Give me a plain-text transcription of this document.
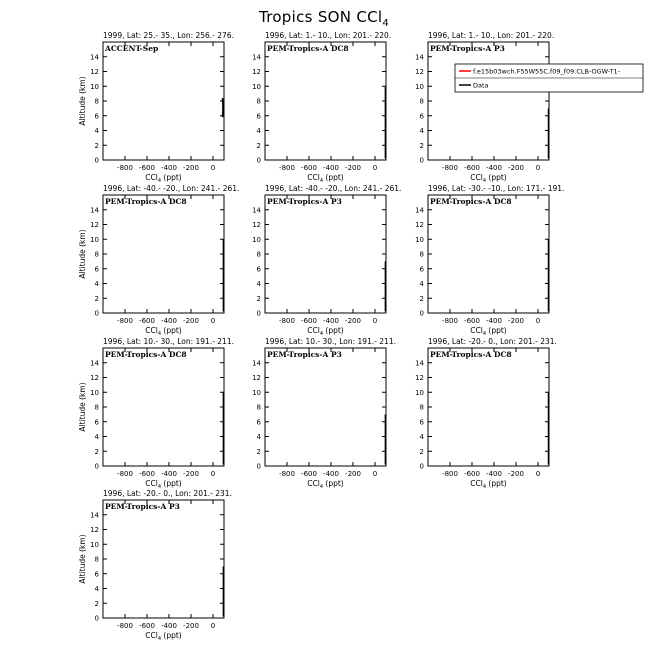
Tropics SON CCl$_4$
1999, Lat: 25.- 35., Lon: 256.- 276.
ACCENT-Sep
-800 -600 -400 -200 0
0
2
4
6
8
10
12
14
CCl$_4$ (ppt)
Altitude (km)
1996, Lat: 1.- 10., Lon: 201.- 220.
PEM-Tropics-A DC8
-800 -600 -400 -200 0
0
2
4
6
8
10
12
14
CCl$_4$ (ppt)
1996, Lat: 1.- 10., Lon: 201.- 220.
PEM-Tropics-A P3
-800 -600 -400 -200 0
0
2
4
6
8
10
12
14
CCl$_4$ (ppt)
1996, Lat: -40.- -20., Lon: 241.- 261.
PEM-Tropics-A DC8
-800 -600 -400 -200 0
0
2
4
6
8
10
12
14
CCl$_4$ (ppt)
Altitude (km)
1996, Lat: -40.- -20., Lon: 241.- 261.
PEM-Tropics-A P3
-800 -600 -400 -200 0
0
2
4
6
8
10
12
14
CCl$_4$ (ppt)
1996, Lat: -30.- -10., Lon: 171.- 191.
PEM-Tropics-A DC8
-800 -600 -400 -200 0
0
2
4
6
8
10
12
14
CCl$_4$ (ppt)
1996, Lat: 10.- 30., Lon: 191.- 211.
PEM-Tropics-A DC8
-800 -600 -400 -200 0
0
2
4
6
8
10
12
14
CCl$_4$ (ppt)
Altitude (km)
1996, Lat: 10.- 30., Lon: 191.- 211.
PEM-Tropics-A P3
-800 -600 -400 -200 0
0
2
4
6
8
10
12
14
CCl$_4$ (ppt)
1996, Lat: -20.- 0., Lon: 201.- 231.
PEM-Tropics-A DC8
-800 -600 -400 -200 0
0
2
4
6
8
10
12
14
CCl$_4$ (ppt)
1996, Lat: -20.- 0., Lon: 201.- 231.
PEM-Tropics-A P3
-800 -600 -400 -200 0
0
2
4
6
8
10
12
14
CCl$_4$ (ppt)
Altitude (km)
f.e15b03wch.F55W55C.f09_f09.CLB-OGW-T1-
Data
